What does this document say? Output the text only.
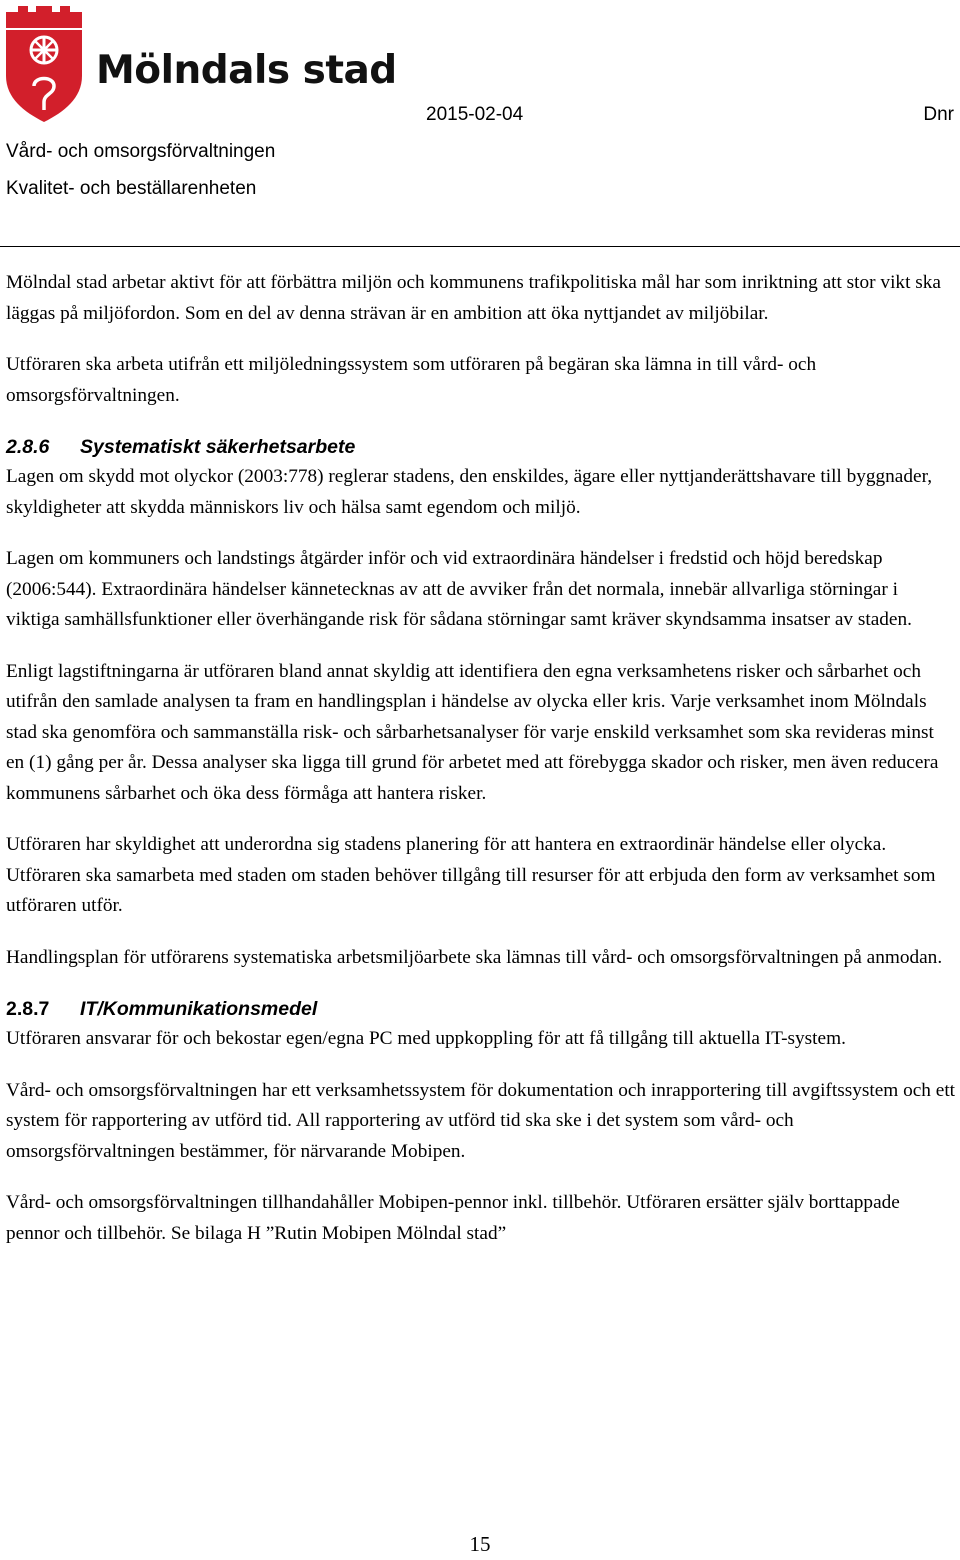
Mölndals stad
2015-02-04	Dnr
Vård- och omsorgsförvaltningen
Kvalitet- och beställarenheten

Mölndal stad arbetar aktivt för att förbättra miljön och kommunens trafikpolitiska mål har som inriktning att stor vikt ska läggas på miljöfordon. Som en del av denna strävan är en ambition att öka nyttjandet av miljöbilar.

Utföraren ska arbeta utifrån ett miljöledningssystem som utföraren på begäran ska lämna in till vård- och omsorgsförvaltningen.

2.8.6 Systematiskt säkerhetsarbete

Lagen om skydd mot olyckor (2003:778) reglerar stadens, den enskildes, ägare eller nyttjanderättshavare till byggnader, skyldigheter att skydda människors liv och hälsa samt egendom och miljö.

Lagen om kommuners och landstings åtgärder inför och vid extraordinära händelser i fredstid och höjd beredskap (2006:544). Extraordinära händelser kännetecknas av att de avviker från det normala, innebär allvarliga störningar i viktiga samhällsfunktioner eller överhängande risk för sådana störningar samt kräver skyndsamma insatser av staden.

Enligt lagstiftningarna är utföraren bland annat skyldig att identifiera den egna verksamhetens risker och sårbarhet och utifrån den samlade analysen ta fram en handlingsplan i händelse av olycka eller kris. Varje verksamhet inom Mölndals stad ska genomföra och sammanställa risk- och sårbarhetsanalyser för varje enskild verksamhet som ska revideras minst en (1) gång per år. Dessa analyser ska ligga till grund för arbetet med att förebygga skador och risker, men även reducera kommunens sårbarhet och öka dess förmåga att hantera risker.

Utföraren har skyldighet att underordna sig stadens planering för att hantera en extraordinär händelse eller olycka. Utföraren ska samarbeta med staden om staden behöver tillgång till resurser för att erbjuda den form av verksamhet som utföraren utför.

Handlingsplan för utförarens systematiska arbetsmiljöarbete ska lämnas till vård- och omsorgsförvaltningen på anmodan.

2.8.7 IT/Kommunikationsmedel

Utföraren ansvarar för och bekostar egen/egna PC med uppkoppling för att få tillgång till aktuella IT-system.

Vård- och omsorgsförvaltningen har ett verksamhetssystem för dokumentation och inrapportering till avgiftssystem och ett system för rapportering av utförd tid. All rapportering av utförd tid ska ske i det system som vård- och omsorgsförvaltningen bestämmer, för närvarande Mobipen.

Vård- och omsorgsförvaltningen tillhandahåller Mobipen-pennor inkl. tillbehör. Utföraren ersätter själv borttappade pennor och tillbehör. Se bilaga H ”Rutin Mobipen Mölndal stad”

15
